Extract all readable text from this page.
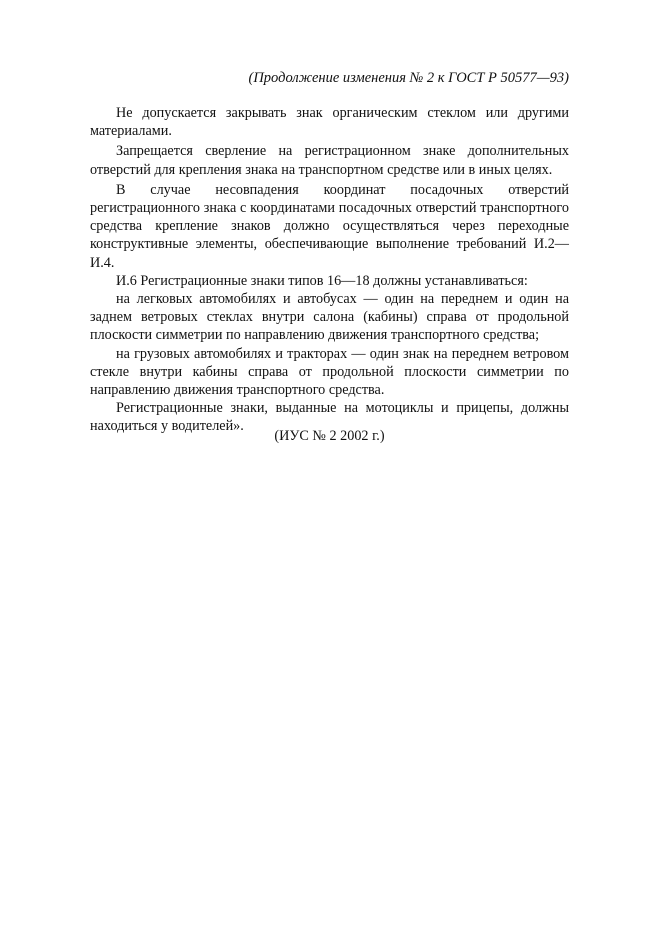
(Продолжение изменения № 2 к ГОСТ Р 50577—93)

Не допускается закрывать знак органическим стеклом или другими материалами.

Запрещается сверление на регистрационном знаке дополнительных отверстий для крепления знака на транспортном средстве или в иных целях.

В случае несовпадения координат посадочных отверстий регистрационного знака с координатами посадочных отверстий транспортного средства крепление знаков должно осуществляться через переходные конструктивные элементы, обеспечивающие выполнение требований И.2—И.4.

И.6 Регистрационные знаки типов 16—18 должны устанавливаться:

на легковых автомобилях и автобусах — один на переднем и один на заднем ветровых стеклах внутри салона (кабины) справа от продольной плоскости симметрии по направлению движения транспортного средства;

на грузовых автомобилях и тракторах — один знак на переднем ветровом стекле внутри кабины справа от продольной плоскости симметрии по направлению движения транспортного средства.

Регистрационные знаки, выданные на мотоциклы и прицепы, должны находиться у водителей».

(ИУС № 2 2002 г.)
